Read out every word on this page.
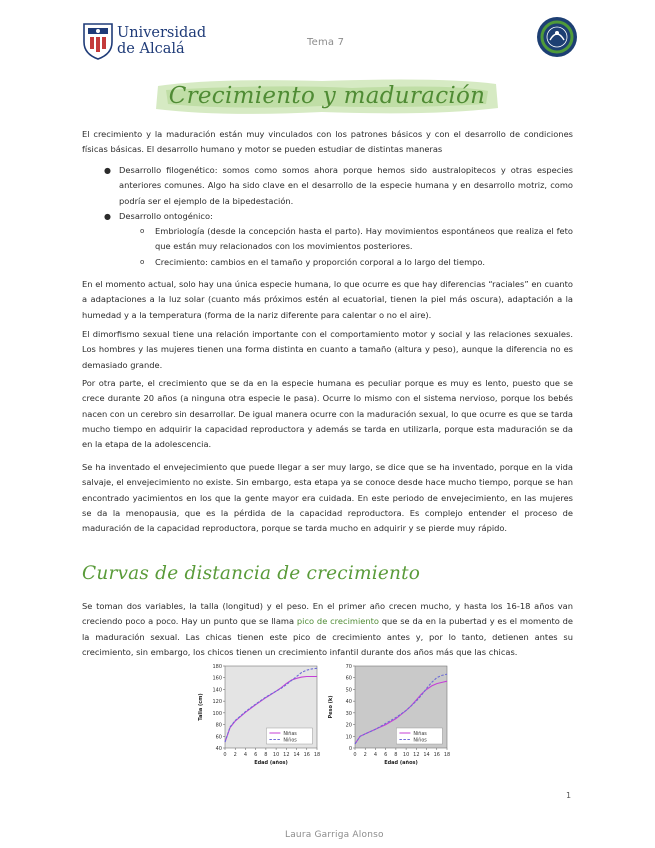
Universidad
de Alcalá	Tema 7
Crecimiento y maduración

El crecimiento y la maduración están muy vinculados con los patrones básicos y con el desarrollo de condiciones físicas básicas. El desarrollo humano y motor se pueden estudiar de distintas maneras

● Desarrollo filogenético: somos como somos ahora porque hemos sido australopitecos y otras especies anteriores comunes. Algo ha sido clave en el desarrollo de la especie humana y en desarrollo motriz, como podría ser el ejemplo de la bipedestación.

● Desarrollo ontogénico:

o Embriología (desde la concepción hasta el parto). Hay movimientos espontáneos que realiza el feto que están muy relacionados con los movimientos posteriores.

o Crecimiento: cambios en el tamaño y proporción corporal a lo largo del tiempo.

En el momento actual, solo hay una única especie humana, lo que ocurre es que hay diferencias “raciales” en cuanto a adaptaciones a la luz solar (cuanto más próximos estén al ecuatorial, tienen la piel más oscura), adaptación a la humedad y a la temperatura (forma de la nariz diferente para calentar o no el aire).

El dimorfismo sexual tiene una relación importante con el comportamiento motor y social y las relaciones sexuales. Los hombres y las mujeres tienen una forma distinta en cuanto a tamaño (altura y peso), aunque la diferencia no es demasiado grande.

Por otra parte, el crecimiento que se da en la especie humana es peculiar porque es muy es lento, puesto que se crece durante 20 años (a ninguna otra especie le pasa). Ocurre lo mismo con el sistema nervioso, porque los bebés nacen con un cerebro sin desarrollar. De igual manera ocurre con la maduración sexual, lo que ocurre es que se tarda mucho tiempo en adquirir la capacidad reproductora y además se tarda en utilizarla, porque esta maduración se da en la etapa de la adolescencia.

Se ha inventado el envejecimiento que puede llegar a ser muy largo, se dice que se ha inventado, porque en la vida salvaje, el envejecimiento no existe. Sin embargo, esta etapa ya se conoce desde hace mucho tiempo, porque se han encontrado yacimientos en los que la gente mayor era cuidada. En este periodo de envejecimiento, en las mujeres se da la menopausia, que es la pérdida de la capacidad reproductora. Es complejo entender el proceso de maduración de la capacidad reproductora, porque se tarda mucho en adquirir y se pierde muy rápido.

Curvas de distancia de crecimiento

Se toman dos variables, la talla (longitud) y el peso. En el primer año crecen mucho, y hasta los 16-18 años van creciendo poco a poco. Hay un punto que se llama pico de crecimiento que se da en la pubertad y es el momento de la maduración sexual. Las chicas tienen este pico de crecimiento antes y, por lo tanto, detienen antes su crecimiento, sin embargo, los chicos tienen un crecimiento infantil durante dos años más que las chicas.

40
60
80
100
120
140
160
180
0 2 4 6 8 10 12 14 16 18
Edad (años)
Talla (cm)
Niñas
Niños
0
10
20
30
40
50
60
70
0 2 4 6 8 10 12 14 16 18
Edad (años)
Peso (k)
Niñas
Niños
1
Laura Garriga Alonso
